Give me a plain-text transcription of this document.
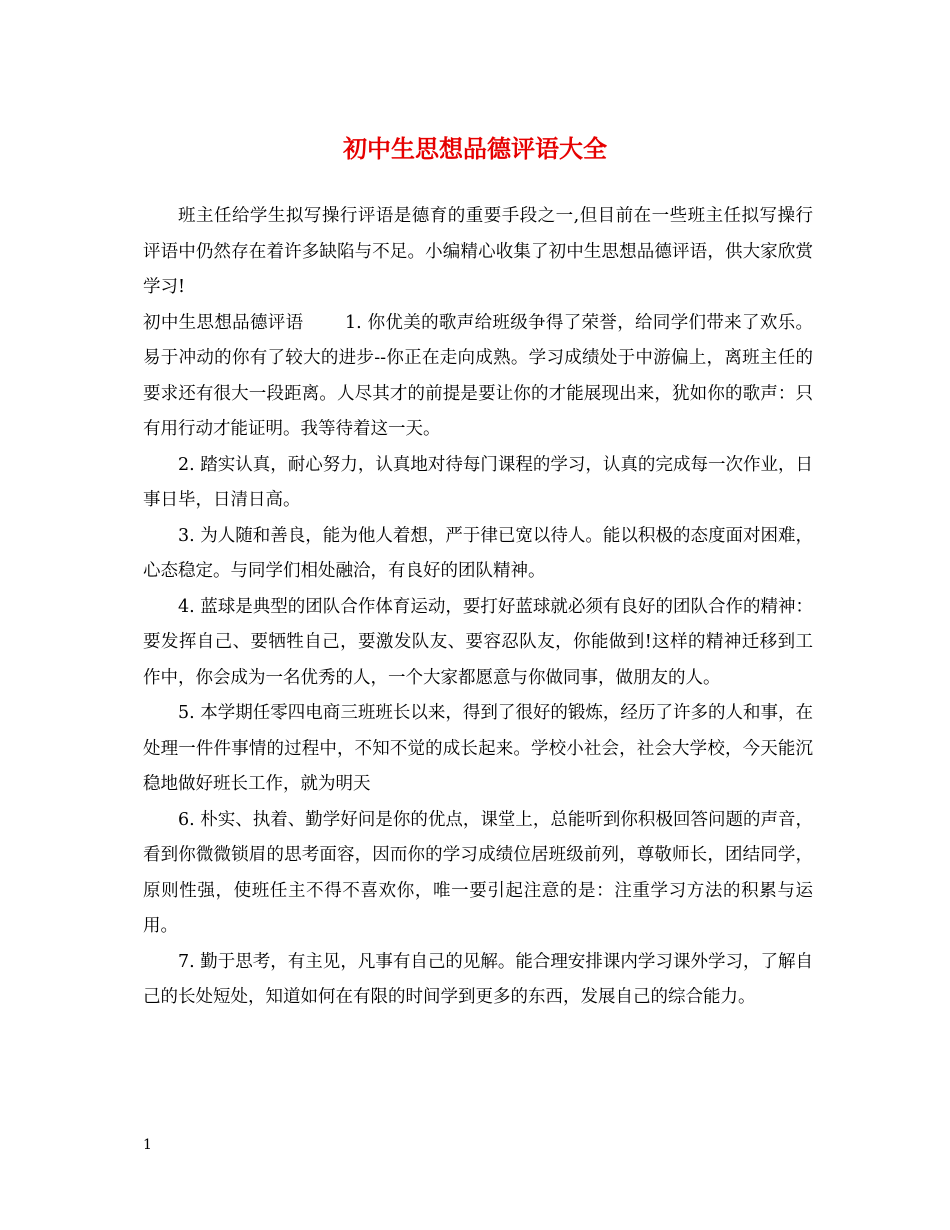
初中生思想品德评语大全

班主任给学生拟写操行评语是德育的重要手段之一,但目前在一些班主任拟写操行评语中仍然存在着许多缺陷与不足。小编精心收集了初中生思想品德评语，供大家欣赏学习!

初中生思想品德评语　　 1. 你优美的歌声给班级争得了荣誉，给同学们带来了欢乐。易于冲动的你有了较大的进步--你正在走向成熟。学习成绩处于中游偏上，离班主任的要求还有很大一段距离。人尽其才的前提是要让你的才能展现出来，犹如你的歌声：只有用行动才能证明。我等待着这一天。

2. 踏实认真，耐心努力，认真地对待每门课程的学习，认真的完成每一次作业，日事日毕，日清日高。

3. 为人随和善良，能为他人着想，严于律已宽以待人。能以积极的态度面对困难，心态稳定。与同学们相处融洽，有良好的团队精神。

4. 蓝球是典型的团队合作体育运动，要打好蓝球就必须有良好的团队合作的精神：要发挥自己、要牺牲自己，要激发队友、要容忍队友，你能做到!这样的精神迁移到工作中，你会成为一名优秀的人，一个大家都愿意与你做同事，做朋友的人。

5. 本学期任零四电商三班班长以来，得到了很好的锻炼，经历了许多的人和事，在处理一件件事情的过程中，不知不觉的成长起来。学校小社会，社会大学校，今天能沉稳地做好班长工作，就为明天

6. 朴实、执着、勤学好问是你的优点，课堂上，总能听到你积极回答问题的声音，看到你微微锁眉的思考面容，因而你的学习成绩位居班级前列，尊敬师长，团结同学，原则性强，使班任主不得不喜欢你，唯一要引起注意的是：注重学习方法的积累与运用。

7. 勤于思考，有主见，凡事有自己的见解。能合理安排课内学习课外学习，了解自己的长处短处，知道如何在有限的时间学到更多的东西，发展自己的综合能力。

1
